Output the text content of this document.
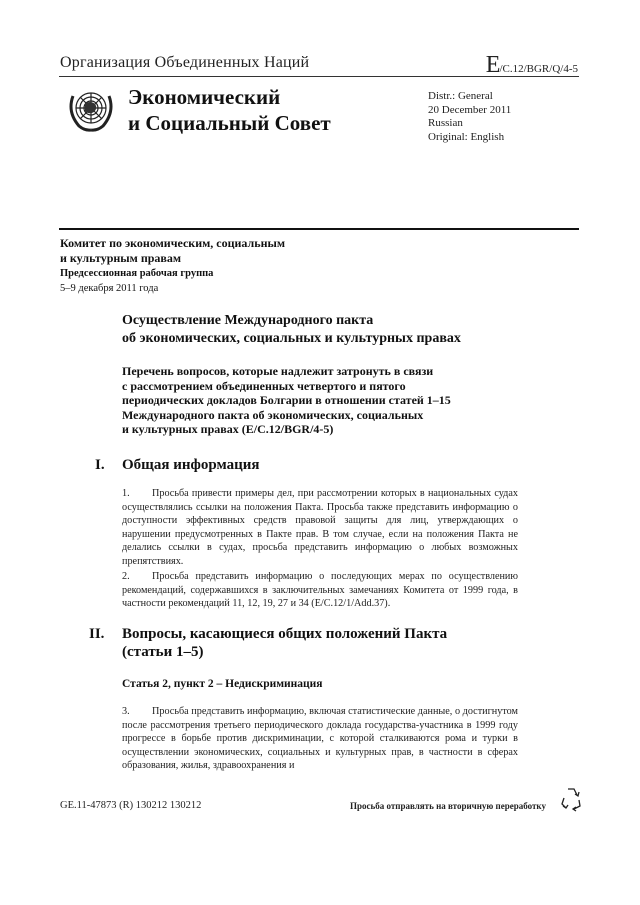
Организация Объединенных Наций	E/C.12/BGR/Q/4-5
Экономический
и Социальный Совет
Distr.: General
20 December 2011
Russian
Original: English
Комитет по экономическим, социальным
и культурным правам
Предсессионная рабочая группа
5–9 декабря 2011 года
Осуществление Международного пакта
об экономических, социальных и культурных правах
Перечень вопросов, которые надлежит затронуть в связи
с рассмотрением объединенных четвертого и пятого
периодических докладов Болгарии в отношении статей 1–15
Международного пакта об экономических, социальных
и культурных правах (E/C.12/BGR/4-5)
I. Общая информация
1. Просьба привести примеры дел, при рассмотрении которых в национальных судах осуществлялись ссылки на положения Пакта. Просьба также представить информацию о доступности эффективных средств правовой защиты для лиц, утверждающих о нарушении предусмотренных в Пакте прав. В том случае, если на положения Пакта не делались ссылки в судах, просьба представить информацию о любых возможных препятствиях.
2. Просьба представить информацию о последующих мерах по осуществлению рекомендаций, содержавшихся в заключительных замечаниях Комитета от 1999 года, в частности рекомендаций 11, 12, 19, 27 и 34 (E/C.12/1/Add.37).
II. Вопросы, касающиеся общих положений Пакта
(статьи 1–5)
Статья 2, пункт 2 – Недискриминация
3. Просьба представить информацию, включая статистические данные, о достигнутом после рассмотрения третьего периодического доклада государства-участника в 1999 году прогрессе в борьбе против дискриминации, с которой сталкиваются рома и турки в осуществлении экономических, социальных и культурных прав, в частности в сферах образования, жилья, здравоохранения и
GE.11-47873 (R) 130212 130212	Просьба отправлять на вторичную переработку
